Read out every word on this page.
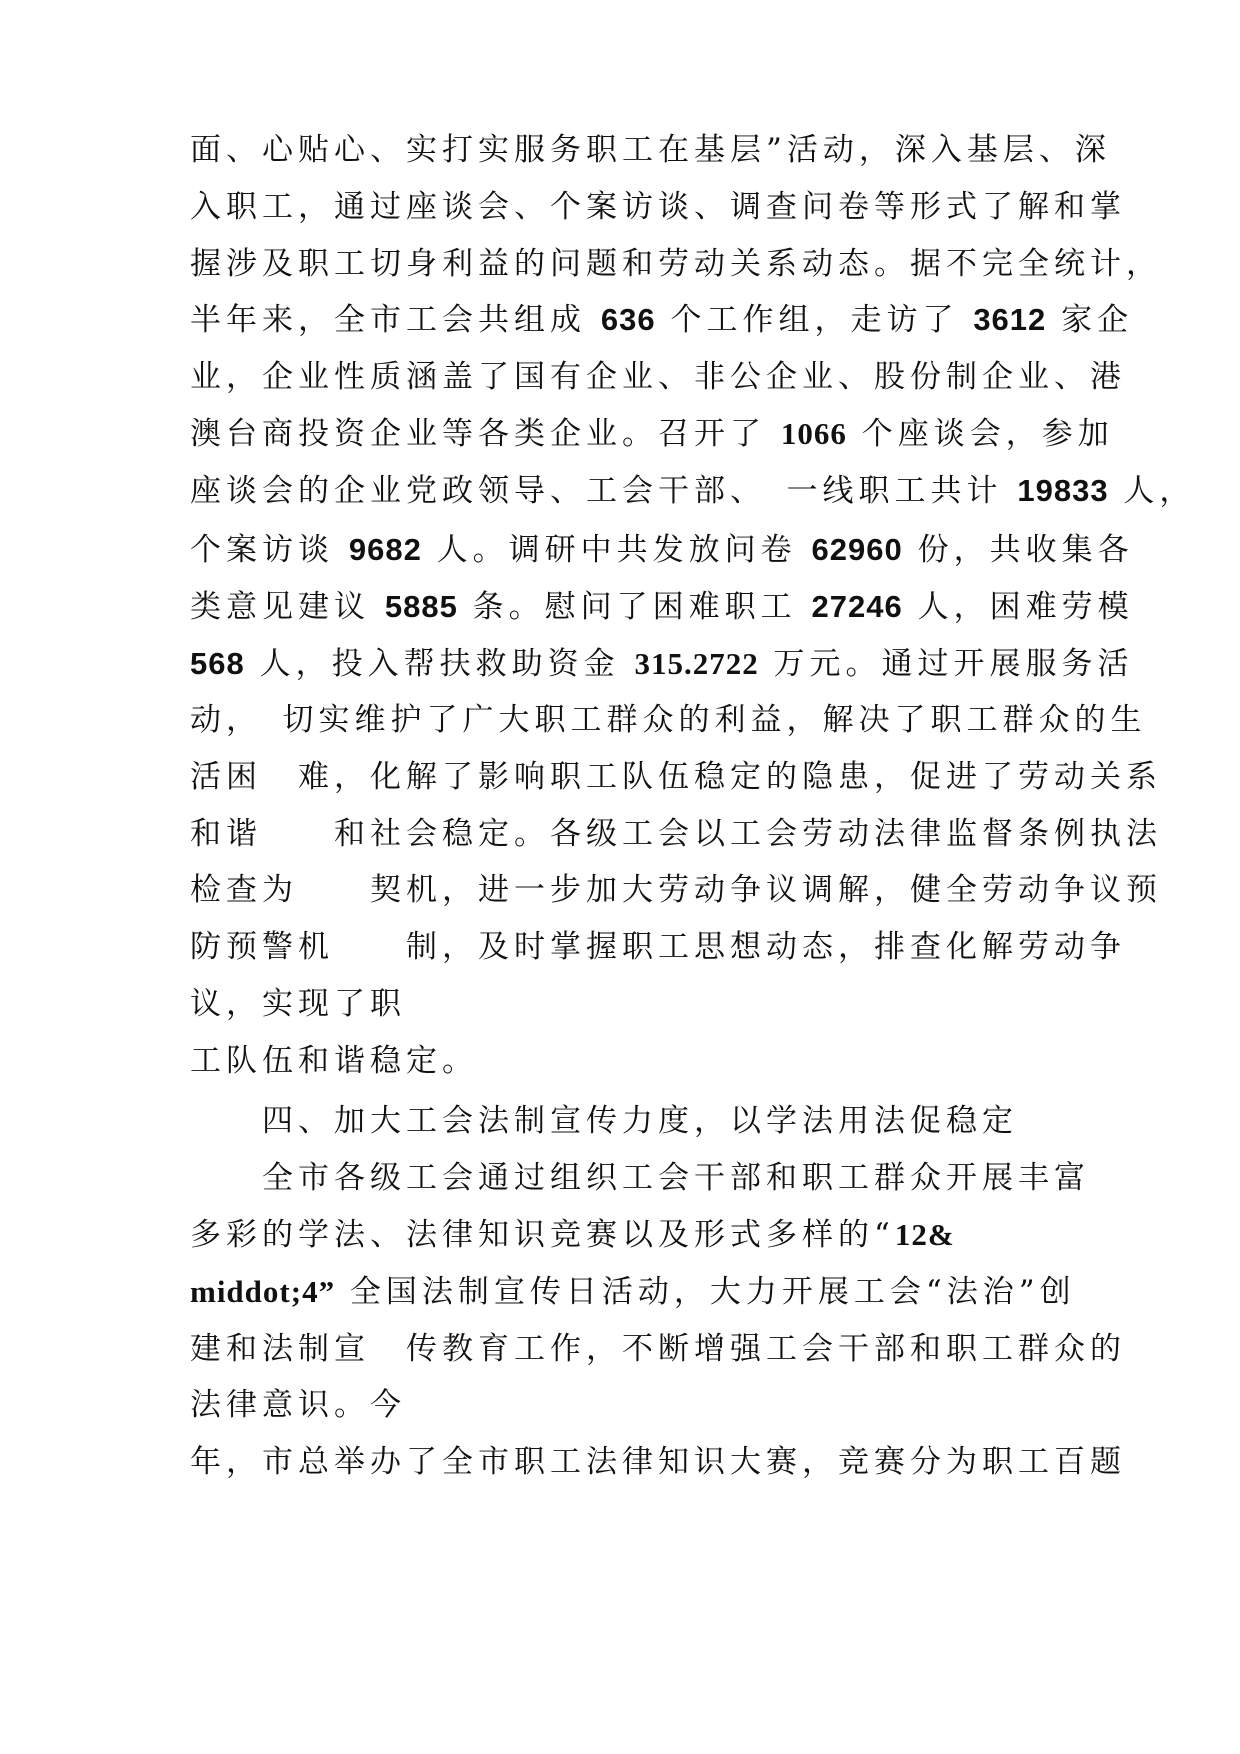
面、心贴心、实打实服务职工在基层”活动，深入基层、深
入职工，通过座谈会、个案访谈、调查问卷等形式了解和掌
握涉及职工切身利益的问题和劳动关系动态。据不完全统计，
半年来，全市工会共组成 636 个工作组，走访了 3612 家企
业，企业性质涵盖了国有企业、非公企业、股份制企业、港
澳台商投资企业等各类企业。召开了 1066 个座谈会，参加
座谈会的企业党政领导、工会干部、　一线职工共计 19833 人，
个案访谈 9682 人。调研中共发放问卷 62960 份，共收集各
类意见建议 5885 条。慰问了困难职工 27246 人，困难劳模
568 人，投入帮扶救助资金 315.2722 万元。通过开展服务活
动，　切实维护了广大职工群众的利益，解决了职工群众的生
活困　难，化解了影响职工队伍稳定的隐患，促进了劳动关系
和谐　　和社会稳定。各级工会以工会劳动法律监督条例执法
检查为　　契机，进一步加大劳动争议调解，健全劳动争议预
防预警机　　制，及时掌握职工思想动态，排查化解劳动争
议，实现了职
工队伍和谐稳定。
四、加大工会法制宣传力度，以学法用法促稳定
全市各级工会通过组织工会干部和职工群众开展丰富
多彩的学法、法律知识竞赛以及形式多样的“12&
middot;4” 全国法制宣传日活动，大力开展工会“法治”创
建和法制宣　传教育工作，不断增强工会干部和职工群众的
法律意识。今
年，市总举办了全市职工法律知识大赛，竞赛分为职工百题
